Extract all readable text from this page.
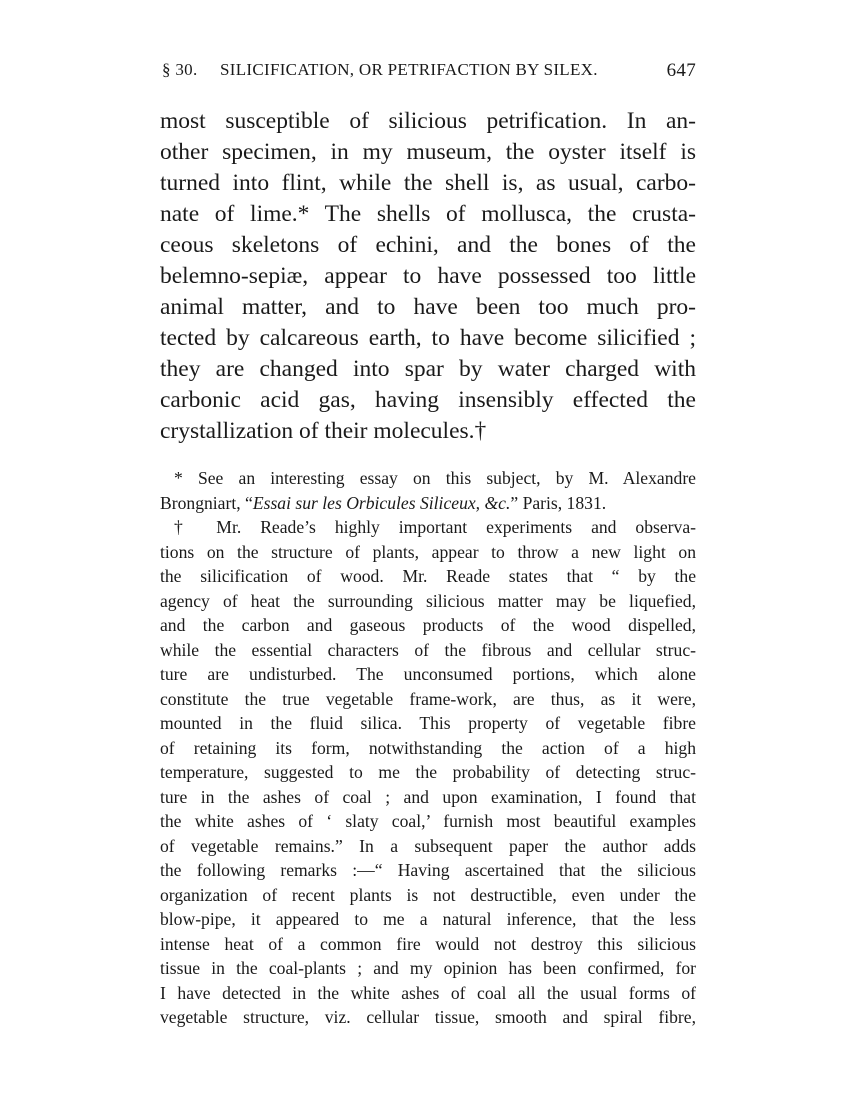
§ 30. SILICIFICATION, OR PETRIFACTION BY SILEX.	647
most susceptible of silicious petrification. In an-
other specimen, in my museum, the oyster itself is
turned into flint, while the shell is, as usual, carbo-
nate of lime.* The shells of mollusca, the crusta-
ceous skeletons of echini, and the bones of the
belemno-sepiæ, appear to have possessed too little
animal matter, and to have been too much pro-
tected by calcareous earth, to have become silicified ;
they are changed into spar by water charged with
carbonic acid gas, having insensibly effected the
crystallization of their molecules.†
* See an interesting essay on this subject, by M. Alexandre
Brongniart, “Essai sur les Orbicules Siliceux, &c.” Paris, 1831.
† Mr. Reade’s highly important experiments and observa-
tions on the structure of plants, appear to throw a new light on
the silicification of wood. Mr. Reade states that “ by the
agency of heat the surrounding silicious matter may be liquefied,
and the carbon and gaseous products of the wood dispelled,
while the essential characters of the fibrous and cellular struc-
ture are undisturbed. The unconsumed portions, which alone
constitute the true vegetable frame-work, are thus, as it were,
mounted in the fluid silica. This property of vegetable fibre
of retaining its form, notwithstanding the action of a high
temperature, suggested to me the probability of detecting struc-
ture in the ashes of coal ; and upon examination, I found that
the white ashes of ‘ slaty coal,’ furnish most beautiful examples
of vegetable remains.” In a subsequent paper the author adds
the following remarks :—“ Having ascertained that the silicious
organization of recent plants is not destructible, even under the
blow-pipe, it appeared to me a natural inference, that the less
intense heat of a common fire would not destroy this silicious
tissue in the coal-plants ; and my opinion has been confirmed, for
I have detected in the white ashes of coal all the usual forms of
vegetable structure, viz. cellular tissue, smooth and spiral fibre,
